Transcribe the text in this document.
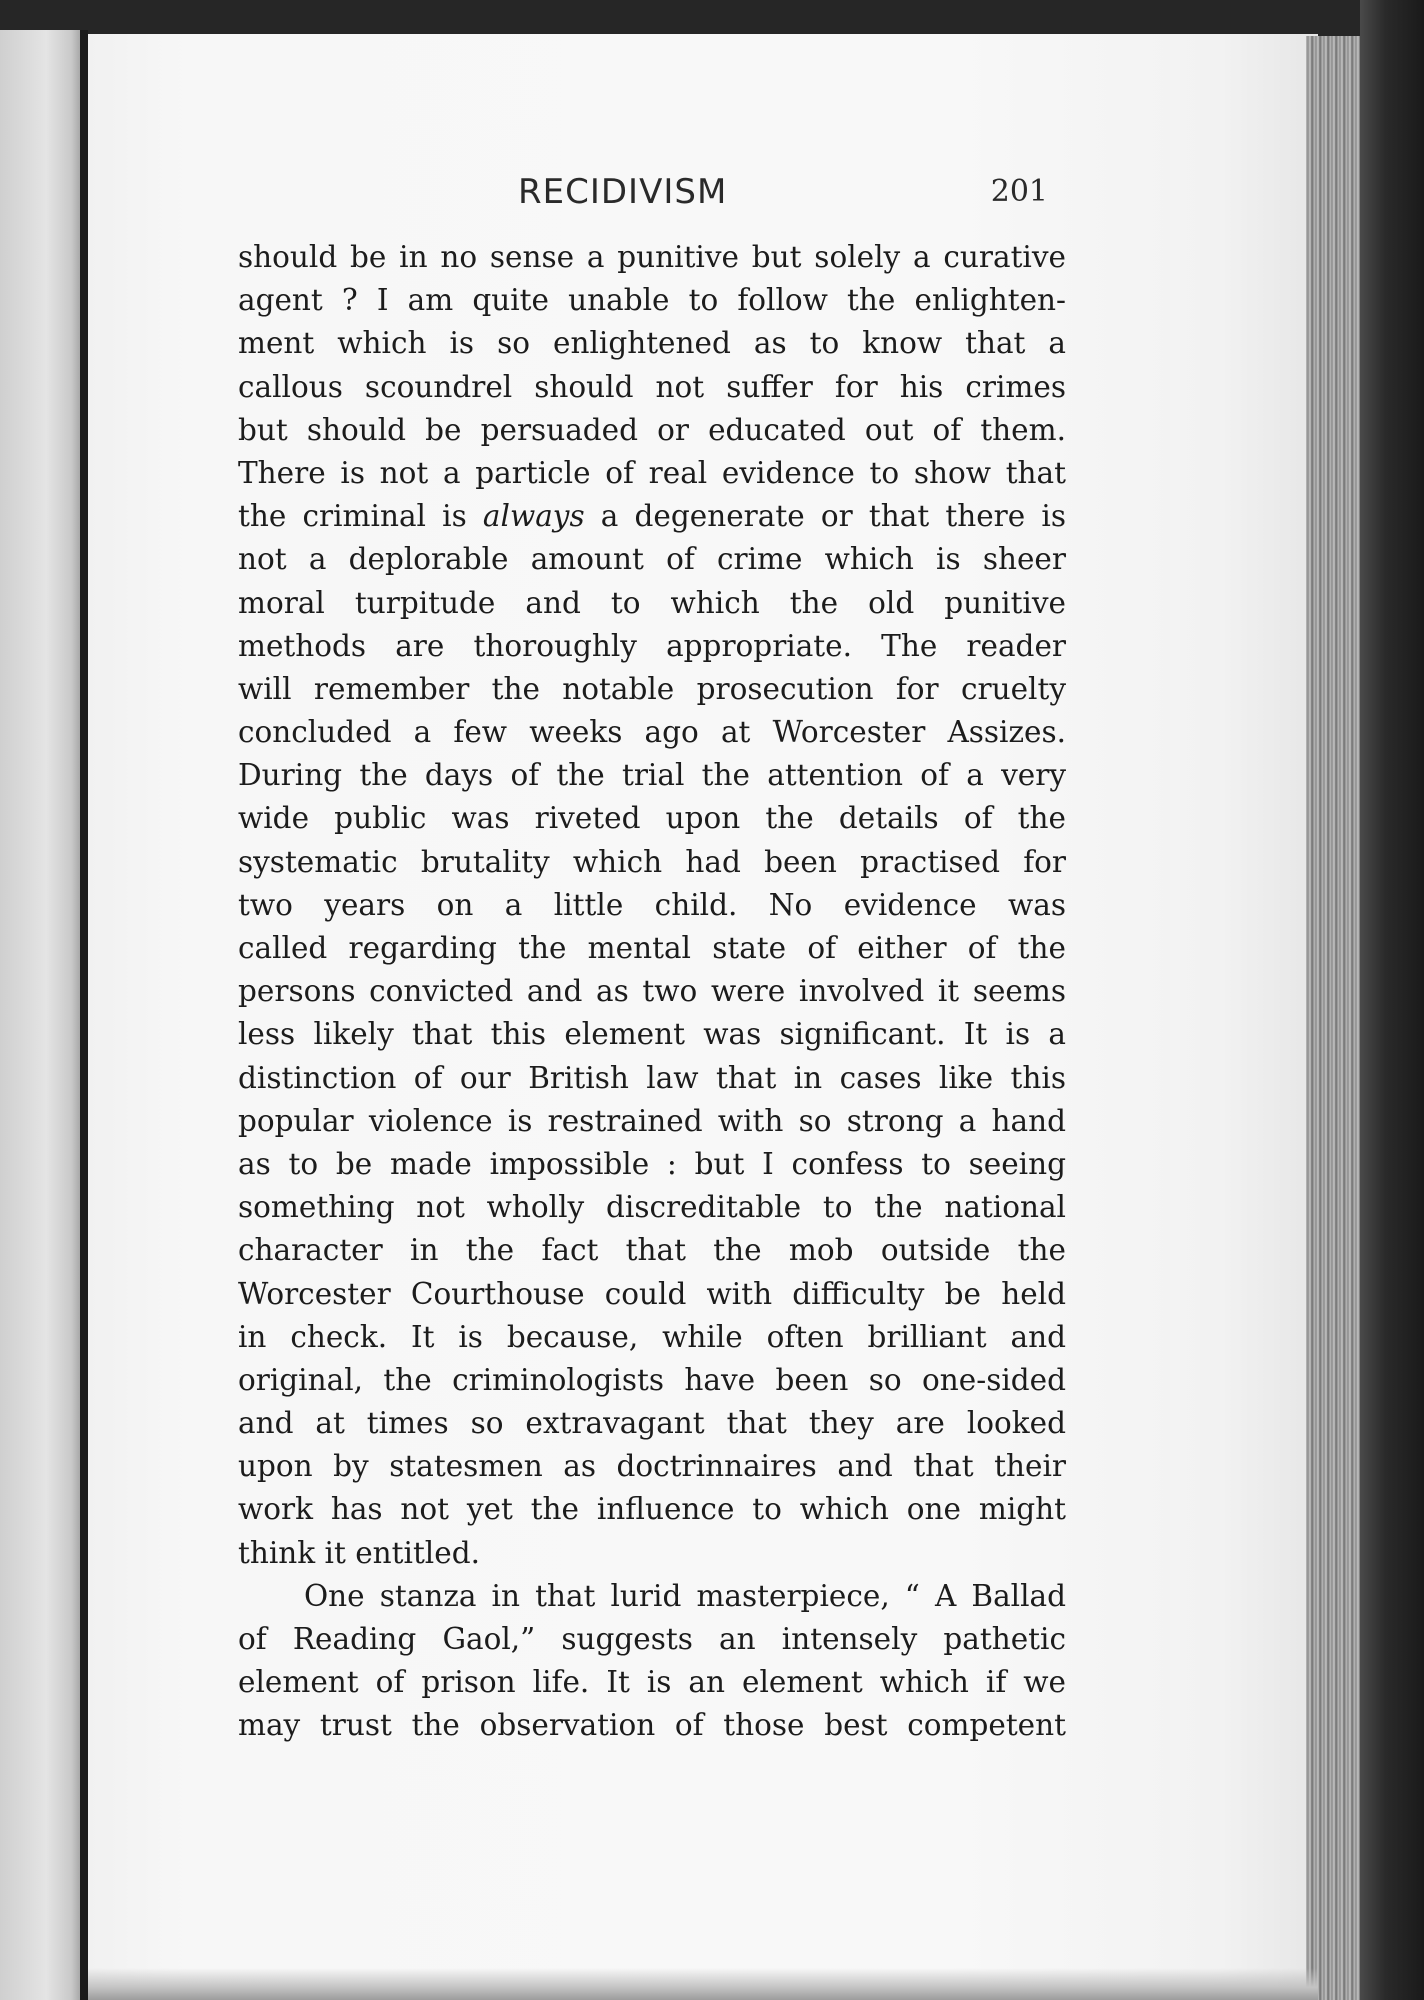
RECIDIVISM	201
should be in no sense a punitive but solely a curative
agent ? I am quite unable to follow the enlighten-
ment which is so enlightened as to know that a
callous scoundrel should not suffer for his crimes
but should be persuaded or educated out of them.
There is not a particle of real evidence to show that
the criminal is always a degenerate or that there is
not a deplorable amount of crime which is sheer
moral turpitude and to which the old punitive
methods are thoroughly appropriate. The reader
will remember the notable prosecution for cruelty
concluded a few weeks ago at Worcester Assizes.
During the days of the trial the attention of a very
wide public was riveted upon the details of the
systematic brutality which had been practised for
two years on a little child. No evidence was
called regarding the mental state of either of the
persons convicted and as two were involved it seems
less likely that this element was significant. It is a
distinction of our British law that in cases like this
popular violence is restrained with so strong a hand
as to be made impossible : but I confess to seeing
something not wholly discreditable to the national
character in the fact that the mob outside the
Worcester Courthouse could with difficulty be held
in check. It is because, while often brilliant and
original, the criminologists have been so one-sided
and at times so extravagant that they are looked
upon by statesmen as doctrinnaires and that their
work has not yet the influence to which one might
think it entitled.
One stanza in that lurid masterpiece, “ A Ballad
of Reading Gaol,” suggests an intensely pathetic
element of prison life. It is an element which if we
may trust the observation of those best competent
